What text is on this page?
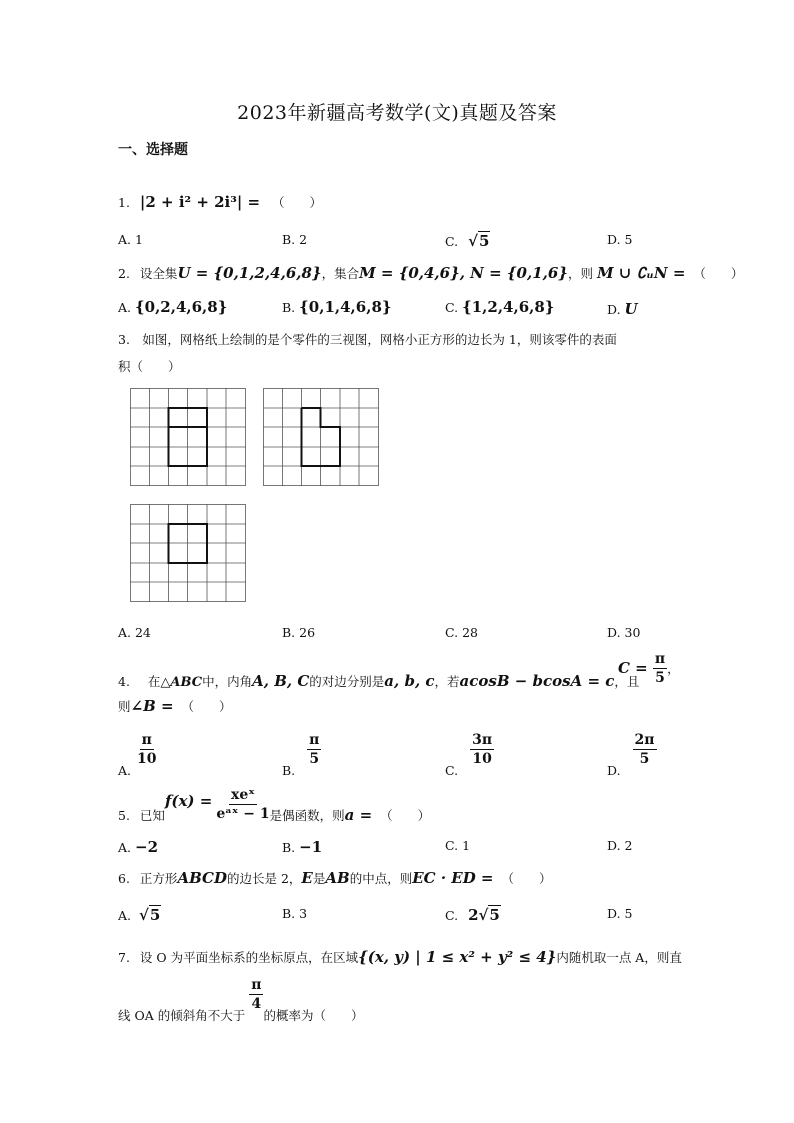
2023年新疆高考数学(文)真题及答案
一、选择题
1. |2 + i² + 2i³| = （　　）
A. 1	B. 2	C. √5	D. 5
2. 设全集U = {0,1,2,4,6,8}，集合M = {0,4,6}, N = {0,1,6}，则 M ∪ ∁ᵤN = （　　）
A. {0,2,4,6,8}	B. {0,1,4,6,8}	C. {1,2,4,6,8}	D. U
3.　如图，网格纸上绘制的是个零件的三视图，网格小正方形的边长为 1，则该零件的表面
积（　　）
A. 24	B. 26	C. 28	D. 30
4. 在△ABC中，内角A, B, C的对边分别是a, b, c，若acosB − bcosA = c，且
$C = \frac{\pi}{5}$ ，
则∠B = （　　）
A.
$\frac{\pi}{10}$
B.
$\frac{\pi}{5}$
C.
$\frac{3\pi}{10}$
D.
$\frac{2\pi}{5}$
5. 已知$f(x) = \frac{\text{xeˣ}}{\text{eᵃˣ − 1}}$ 是偶函数，则a = （　　）
A. −2	B. −1	C. 1	D. 2
6. 正方形ABCD的边长是 2，E是AB的中点，则EC · ED = （　　）
A. √5	B. 3	C. 2√5	D. 5
7. 设 O 为平面坐标系的坐标原点，在区域{(x, y) | 1 ≤ x² + y² ≤ 4}内随机取一点 A，则直
线 OA 的倾斜角不大于
$\frac{\pi}{4}$
的概率为（　　）
